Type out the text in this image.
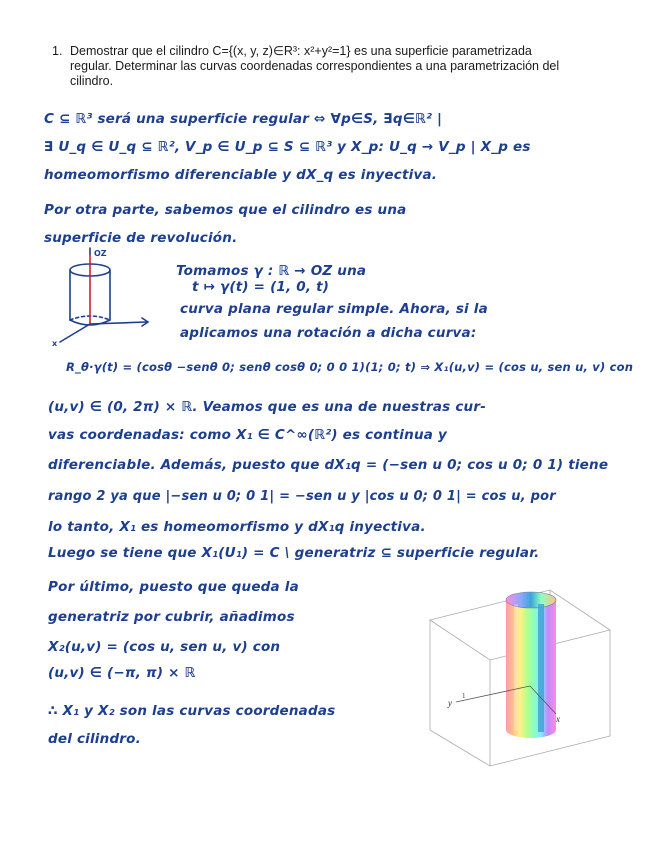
1. Demostrar que el cilindro C={(x, y, z)∈R³: x²+y²=1} es una superficie parametrizada regular. Determinar las curvas coordenadas correspondientes a una parametrización del cilindro.
C ⊆ ℝ³ será una superficie regular ⇔ ∀p∈S, ∃q∈ℝ² |
∃ U_q ∈ U_q ⊆ ℝ², V_p ∈ U_p ⊆ S ⊆ ℝ³ y X_p: U_q → V_p | X_p es
homeomorfismo diferenciable y dX_q es inyectiva.
Por otra parte, sabemos que el cilindro es una
superficie de revolución.
Tomamos γ : ℝ → OZ una
t ↦ γ(t) = (1, 0, t)
curva plana regular simple. Ahora, si la
aplicamos una rotación a dicha curva:
R_θ·γ(t) = (cosθ −senθ 0; senθ cosθ 0; 0 0 1)(1; 0; t) ⇒ X₁(u,v) = (cos u, sen u, v) con
(u,v) ∈ (0, 2π) × ℝ. Veamos que es una de nuestras cur-
vas coordenadas: como X₁ ∈ C^∞(ℝ²) es continua y
diferenciable. Además, puesto que dX₁q = (−sen u 0; cos u 0; 0 1) tiene
rango 2 ya que |−sen u 0; 0 1| = −sen u y |cos u 0; 0 1| = cos u, por
lo tanto, X₁ es homeomorfismo y dX₁q inyectiva.
Luego se tiene que X₁(U₁) = C \ generatriz ⊆ superficie regular.
Por último, puesto que queda la
generatriz por cubrir, añadimos
X₂(u,v) = (cos u, sen u, v) con
(u,v) ∈ (−π, π) × ℝ
∴ X₁ y X₂ son las curvas coordenadas
del cilindro.
OZ
x
y
x
1
